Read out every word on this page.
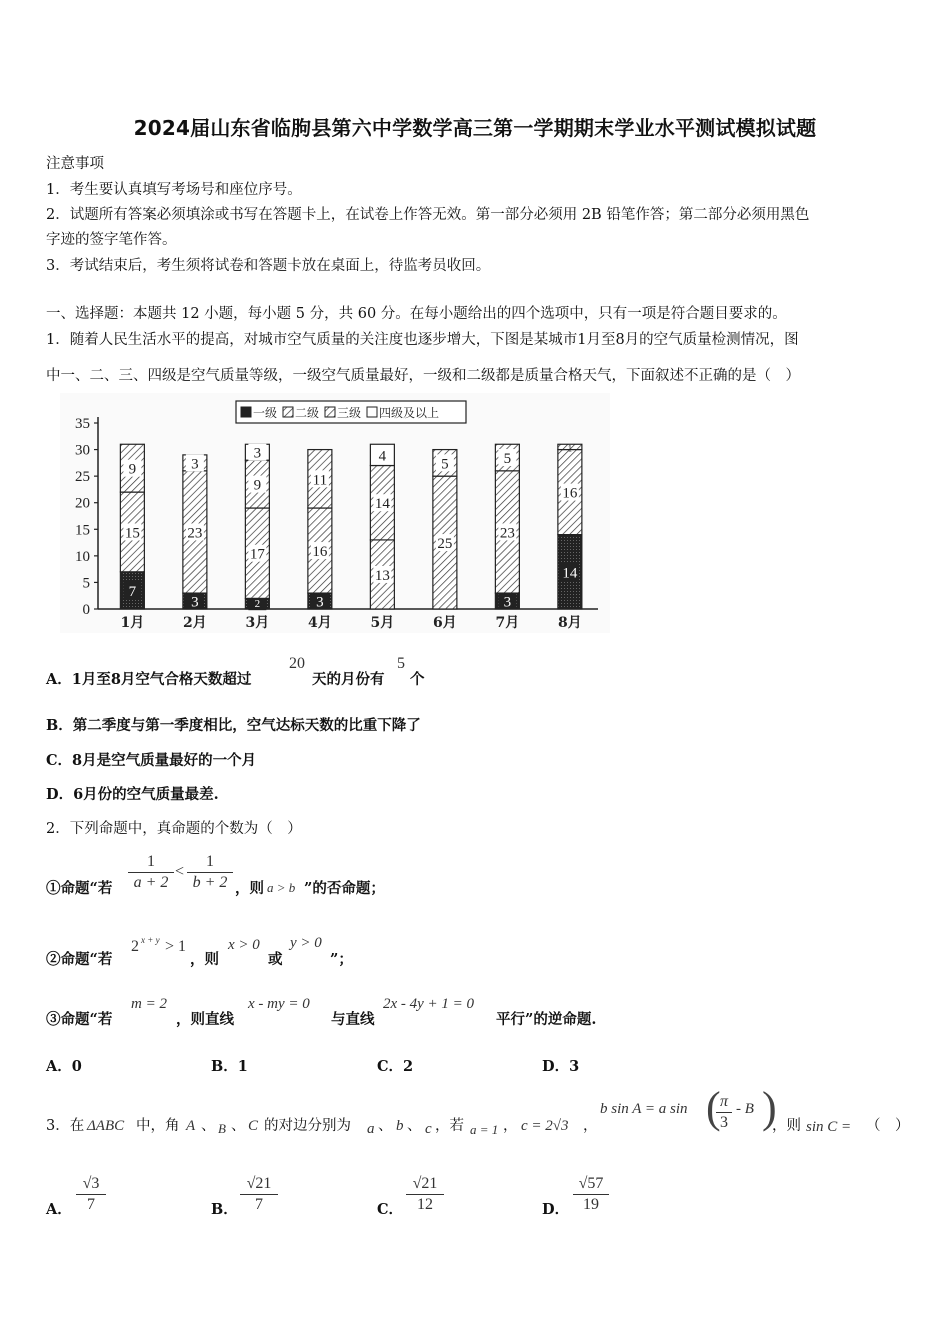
2024届山东省临朐县第六中学数学高三第一学期期末学业水平测试模拟试题
注意事项
1．考生要认真填写考场号和座位序号。
2．试题所有答案必须填涂或书写在答题卡上，在试卷上作答无效。第一部分必须用 2B 铅笔作答；第二部分必须用黑色
字迹的签字笔作答。
3．考试结束后，考生须将试卷和答题卡放在桌面上，待监考员收回。
一、选择题：本题共 12 小题，每小题 5 分，共 60 分。在每小题给出的四个选项中，只有一项是符合题目要求的。
1．随着人民生活水平的提高，对城市空气质量的关注度也逐步增大，下图是某城市1月至8月的空气质量检测情况，图
中一、二、三、四级是空气质量等级，一级空气质量最好，一级和二级都是质量合格天气，下面叙述不正确的是（　）
0
5
10
15
20
25
30
35
7
15
9
1月
3
23
3
2月
2
17
9
3
3月
3
16
11
4月
13
14
4
5月
25
5
6月
3
23
5
7月
14
16
1
8月
一级 二级 三级 四级及以上
A．1月至8月空气合格天数超过
20
天的月份有
5
个
B．第二季度与第一季度相比，空气达标天数的比重下降了
C．8月是空气质量最好的一个月
D．6月份的空气质量最差.
2．下列命题中，真命题的个数为（　）
①命题“若
1
a + 2
<
1
b + 2 ，则 a > b ”的否命题；
②命题“若
2 x + y > 1
，则
x > 0
或
y > 0
”；
③命题“若
m = 2
，则直线
x - my = 0
与直线
2x - 4y + 1 = 0
平行”的逆命题.
A．0	B．1	C．2	D．3
3．在 ΔABC 中，角 A 、 B 、 C 的对边分别为 a 、 b 、 c ，若 a = 1 ， c = 2√3 ，
b sin A = a sin ( π
3
- B )
，则 sin C = （　）
A．
√3
7	B．
√21
7	C．
√21
12	D．
√57
19
